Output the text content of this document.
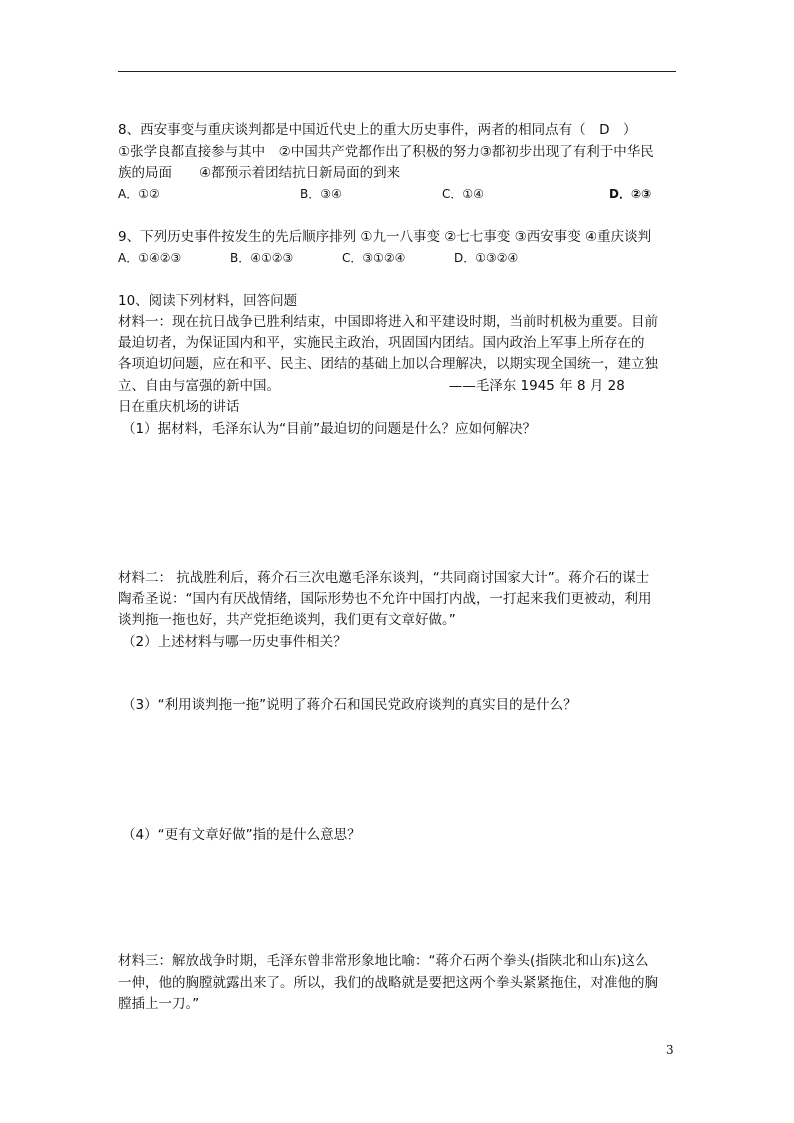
8、西安事变与重庆谈判都是中国近代史上的重大历史事件，两者的相同点有（　D　）
①张学良都直接参与其中　②中国共产党都作出了积极的努力③都初步出现了有利于中华民
族的局面　　④都预示着团结抗日新局面的到来
A．①②	B．③④	C．①④	D．②③
9、下列历史事件按发生的先后顺序排列 ①九一八事变 ②七七事变 ③西安事变 ④重庆谈判
A．①④②③	B．④①②③	C．③①②④	D．①③②④
10、阅读下列材料，回答问题
材料一：现在抗日战争已胜利结束，中国即将进入和平建设时期，当前时机极为重要。目前
最迫切者，为保证国内和平，实施民主政治，巩固国内团结。国内政治上军事上所存在的
各项迫切问题，应在和平、民主、团结的基础上加以合理解决，以期实现全国统一，建立独
立、自由与富强的新中国。　　　　　　　　　　　　　——毛泽东 1945 年 8 月 28
日在重庆机场的讲话
（1）据材料，毛泽东认为“目前”最迫切的问题是什么？应如何解决？
材料二： 抗战胜利后，蒋介石三次电邀毛泽东谈判，“共同商讨国家大计”。蒋介石的谋士
陶希圣说：“国内有厌战情绪，国际形势也不允许中国打内战，一打起来我们更被动，利用
谈判拖一拖也好，共产党拒绝谈判，我们更有文章好做。”
（2）上述材料与哪一历史事件相关？
（3）“利用谈判拖一拖”说明了蒋介石和国民党政府谈判的真实目的是什么？
（4）“更有文章好做”指的是什么意思？
材料三：解放战争时期，毛泽东曾非常形象地比喻：“蒋介石两个拳头(指陕北和山东)这么
一伸，他的胸膛就露出来了。所以，我们的战略就是要把这两个拳头紧紧拖住，对准他的胸
膛插上一刀。”
3
